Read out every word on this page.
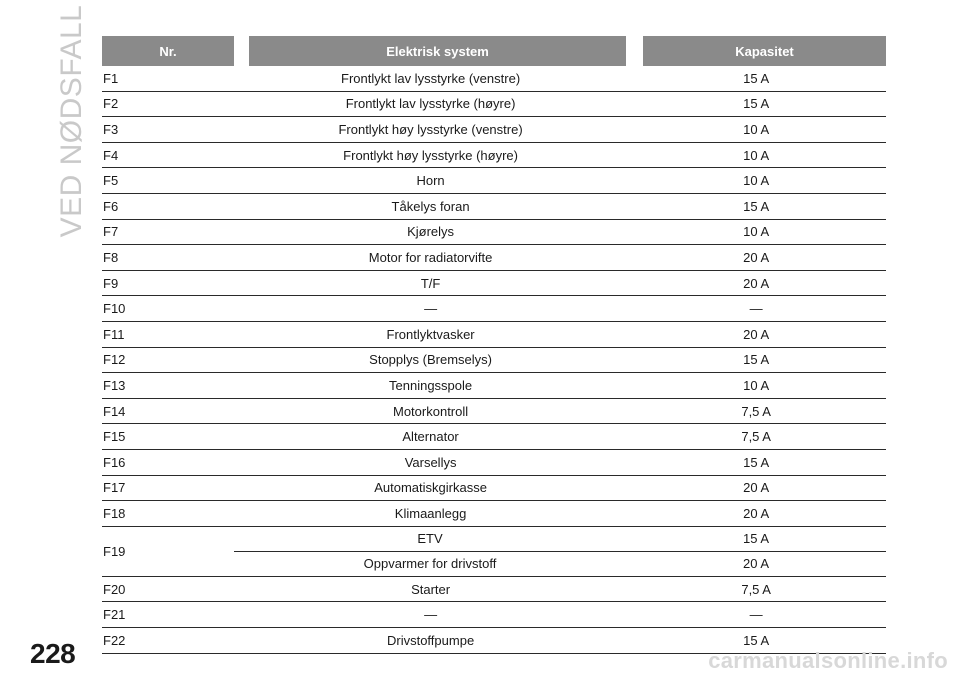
VED NØDSFALL	Nr.	Elektrisk system	Kapasitet
F1	Frontlykt lav lysstyrke (venstre)	15 A
F2	Frontlykt lav lysstyrke (høyre)	15 A
F3	Frontlykt høy lysstyrke (venstre)	10 A
F4	Frontlykt høy lysstyrke (høyre)	10 A
F5	Horn	10 A
F6	Tåkelys foran	15 A
F7	Kjørelys	10 A
F8	Motor for radiatorvifte	20 A
F9	T/F	20 A
F10	—	—
F11	Frontlyktvasker	20 A
F12	Stopplys (Bremselys)	15 A
F13	Tenningsspole	10 A
F14	Motorkontroll	7,5 A
F15	Alternator	7,5 A
F16	Varsellys	15 A
F17	Automatiskgirkasse	20 A
F18	Klimaanlegg	20 A
F19
ETV	15 A
Oppvarmer for drivstoff	20 A
F20	Starter	7,5 A
F21	—	—
F22	Drivstoffpumpe	15 A
228	carmanualsonline.info
